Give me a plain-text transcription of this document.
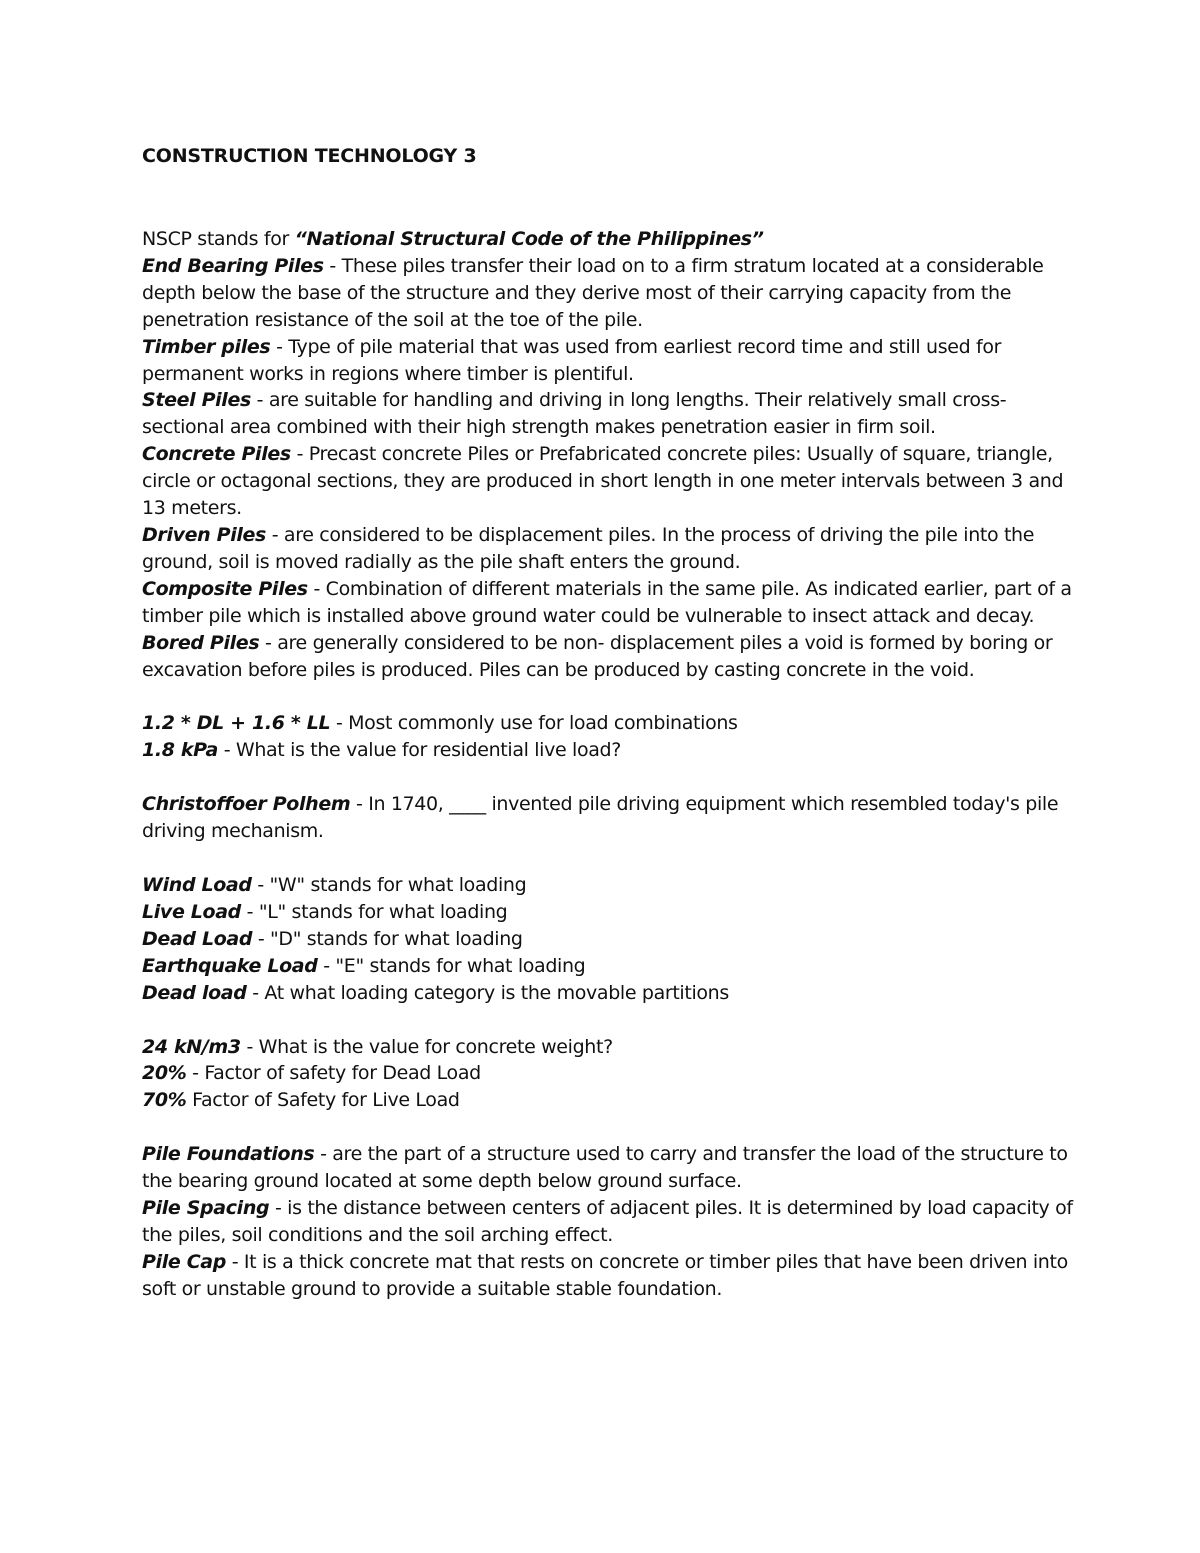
CONSTRUCTION TECHNOLOGY 3

NSCP stands for “National Structural Code of the Philippines”

End Bearing Piles - These piles transfer their load on to a firm stratum located at a considerable depth below the base of the structure and they derive most of their carrying capacity from the penetration resistance of the soil at the toe of the pile.

Timber piles - Type of pile material that was used from earliest record time and still used for permanent works in regions where timber is plentiful.

Steel Piles - are suitable for handling and driving in long lengths. Their relatively small cross-sectional area combined with their high strength makes penetration easier in firm soil.

Concrete Piles - Precast concrete Piles or Prefabricated concrete piles: Usually of square, triangle, circle or octagonal sections, they are produced in short length in one meter intervals between 3 and 13 meters.

Driven Piles - are considered to be displacement piles. In the process of driving the pile into the ground, soil is moved radially as the pile shaft enters the ground.

Composite Piles - Combination of different materials in the same pile. As indicated earlier, part of a timber pile which is installed above ground water could be vulnerable to insect attack and decay.

Bored Piles - are generally considered to be non- displacement piles a void is formed by boring or excavation before piles is produced. Piles can be produced by casting concrete in the void.

1.2 * DL + 1.6 * LL - Most commonly use for load combinations

1.8 kPa - What is the value for residential live load?

Christoffoer Polhem - In 1740, ____ invented pile driving equipment which resembled today's pile driving mechanism.

Wind Load - "W" stands for what loading

Live Load - "L" stands for what loading

Dead Load - "D" stands for what loading

Earthquake Load - "E" stands for what loading

Dead load - At what loading category is the movable partitions

24 kN/m3 - What is the value for concrete weight?

20% - Factor of safety for Dead Load

70% Factor of Safety for Live Load

Pile Foundations - are the part of a structure used to carry and transfer the load of the structure to the bearing ground located at some depth below ground surface.

Pile Spacing - is the distance between centers of adjacent piles. It is determined by load capacity of the piles, soil conditions and the soil arching effect.

Pile Cap - It is a thick concrete mat that rests on concrete or timber piles that have been driven into soft or unstable ground to provide a suitable stable foundation.
